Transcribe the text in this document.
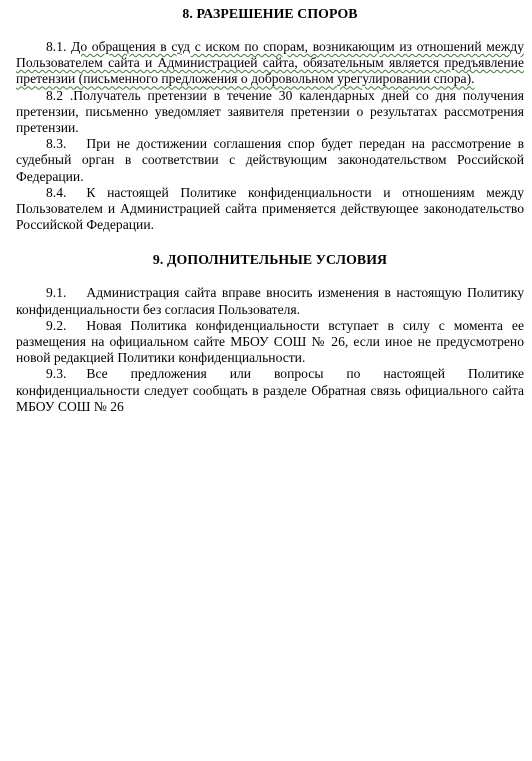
8. РАЗРЕШЕНИЕ СПОРОВ

8.1. До обращения в суд с иском по спорам, возникающим из отношений между Пользователем сайта и Администрацией сайта, обязательным является предъявление претензии (письменного предложения о добровольном урегулировании спора).

8.2 .Получатель претензии в течение 30 календарных дней со дня получения претензии, письменно уведомляет заявителя претензии о результатах рассмотрения претензии.

8.3. При не достижении соглашения спор будет передан на рассмотрение в судебный орган в соответствии с действующим законодательством Российской Федерации.

8.4. К настоящей Политике конфиденциальности и отношениям между Пользователем и Администрацией сайта применяется действующее законодательство Российской Федерации.

9. ДОПОЛНИТЕЛЬНЫЕ УСЛОВИЯ

9.1. Администрация сайта вправе вносить изменения в настоящую Политику конфиденциальности без согласия Пользователя.

9.2. Новая Политика конфиденциальности вступает в силу с момента ее размещения на официальном сайте МБОУ СОШ № 26, если иное не предусмотрено новой редакцией Политики конфиденциальности.

9.3. Все предложения или вопросы по настоящей Политике конфиденциальности следует сообщать в разделе Обратная связь официального сайта МБОУ СОШ № 26
